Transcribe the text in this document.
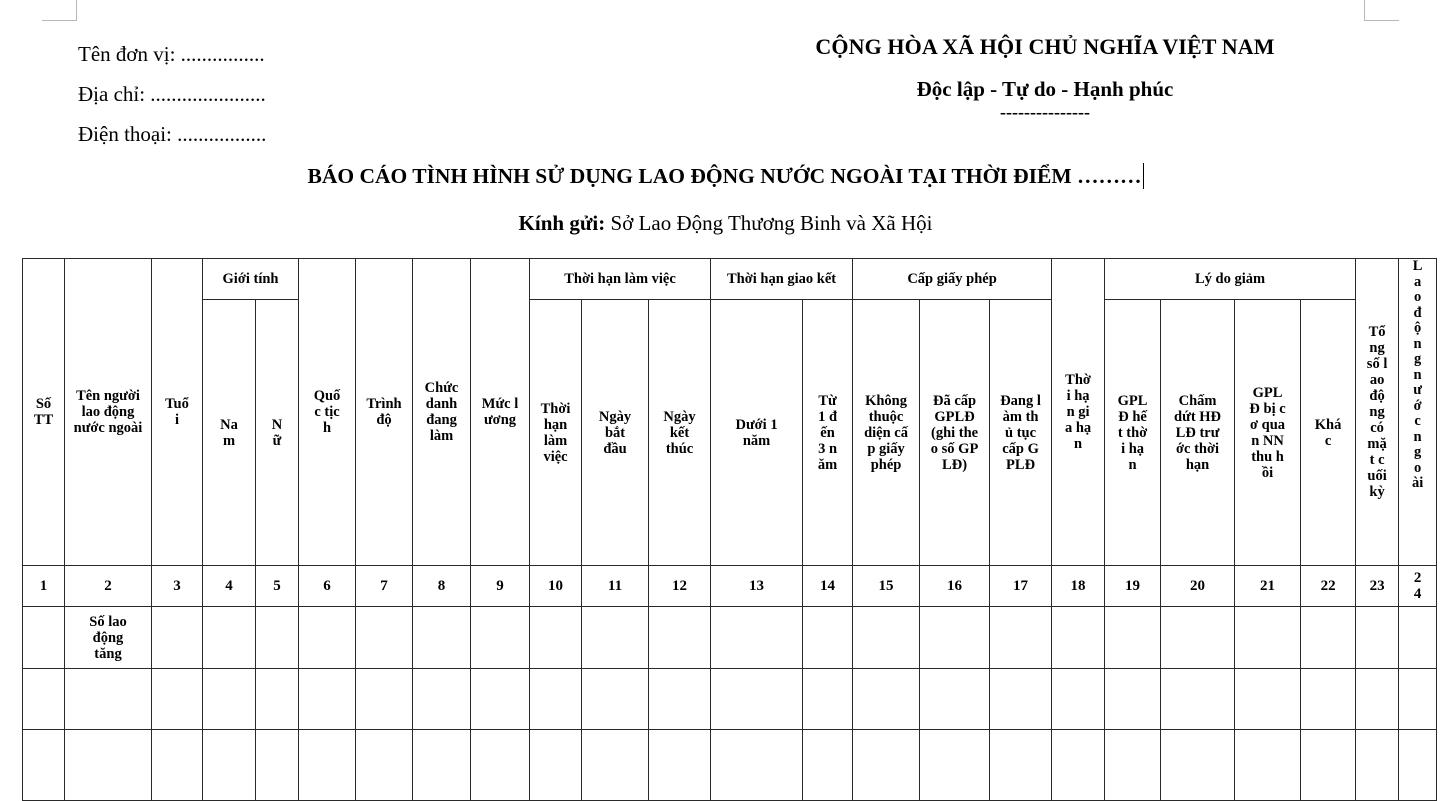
Tên đơn vị: ................
Địa chỉ: ......................
Điện thoại: .................
CỘNG HÒA XÃ HỘI CHỦ NGHĨA VIỆT NAM
Độc lập - Tự do - Hạnh phúc
---------------
BÁO CÁO TÌNH HÌNH SỬ DỤNG LAO ĐỘNG NƯỚC NGOÀI TẠI THỜI ĐIỂM ………
Kính gửi: Sở Lao Động Thương Binh và Xã Hội
Số TT	Tên người lao động nước ngoài	Tuổi	Giới tính		Quốc tịch	Trình độ	Chức danh đang làm	Mức lương	Thời hạn làm việc			Thời hạn giao kết		Cấp giấy phép			Thời hạn gia hạn	Lý do giảm				Tổng số lao động có mặt cuối kỳ	Lao động nước ngoài
			Nam	Nữ					Thời hạn làm việc	Ngày bắt đầu	Ngày kết thúc	Dưới 1 năm	Từ 1 đến 3 năm	Không thuộc diện cấp giấy phép	Đã cấp GPLĐ (ghi theo số GPLĐ)	Đang làm thủ tục cấp GPLĐ		GPLĐ hết thời hạn	Chấm dứt HĐLĐ trước thời hạn	GPLĐ bị cơ quan NN thu hồi	Khác		
1	2	3	4	5	6	7	8	9	10	11	12	13	14	15	16	17	18	19	20	21	22	23	24
	Số lao động tăng																						
